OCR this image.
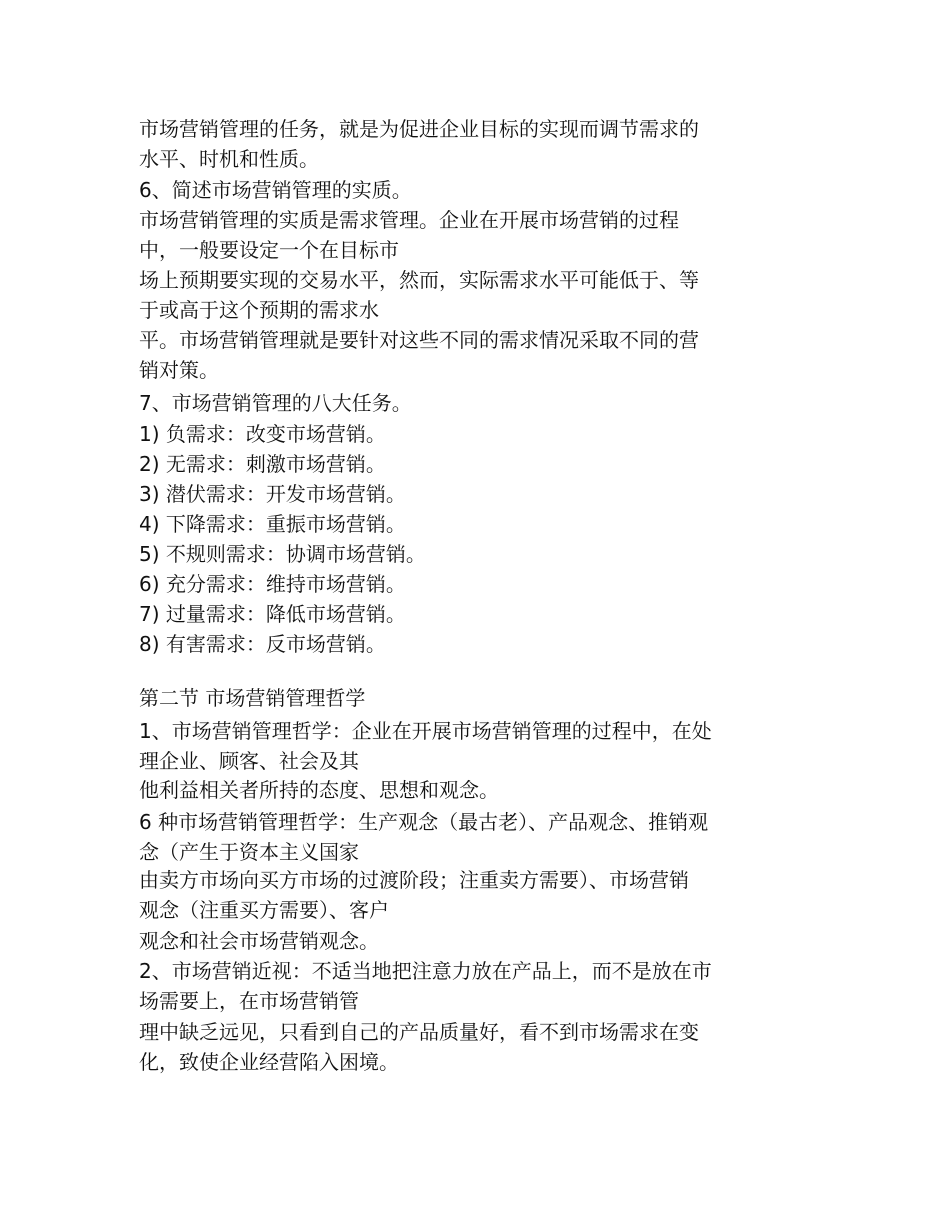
市场营销管理的任务，就是为促进企业目标的实现而调节需求的
水平、时机和性质。
6、简述市场营销管理的实质。
市场营销管理的实质是需求管理。企业在开展市场营销的过程
中，一般要设定一个在目标市
场上预期要实现的交易水平，然而，实际需求水平可能低于、等
于或高于这个预期的需求水
平。市场营销管理就是要针对这些不同的需求情况采取不同的营
销对策。
7、市场营销管理的八大任务。
1) 负需求：改变市场营销。
2) 无需求：刺激市场营销。
3) 潜伏需求：开发市场营销。
4) 下降需求：重振市场营销。
5) 不规则需求：协调市场营销。
6) 充分需求：维持市场营销。
7) 过量需求：降低市场营销。
8) 有害需求：反市场营销。
第二节 市场营销管理哲学
1、市场营销管理哲学：企业在开展市场营销管理的过程中，在处
理企业、顾客、社会及其
他利益相关者所持的态度、思想和观念。
6 种市场营销管理哲学：生产观念（最古老）、产品观念、推销观
念（产生于资本主义国家
由卖方市场向买方市场的过渡阶段；注重卖方需要）、市场营销
观念（注重买方需要）、客户
观念和社会市场营销观念。
2、市场营销近视：不适当地把注意力放在产品上，而不是放在市
场需要上，在市场营销管
理中缺乏远见，只看到自己的产品质量好，看不到市场需求在变
化，致使企业经营陷入困境。
